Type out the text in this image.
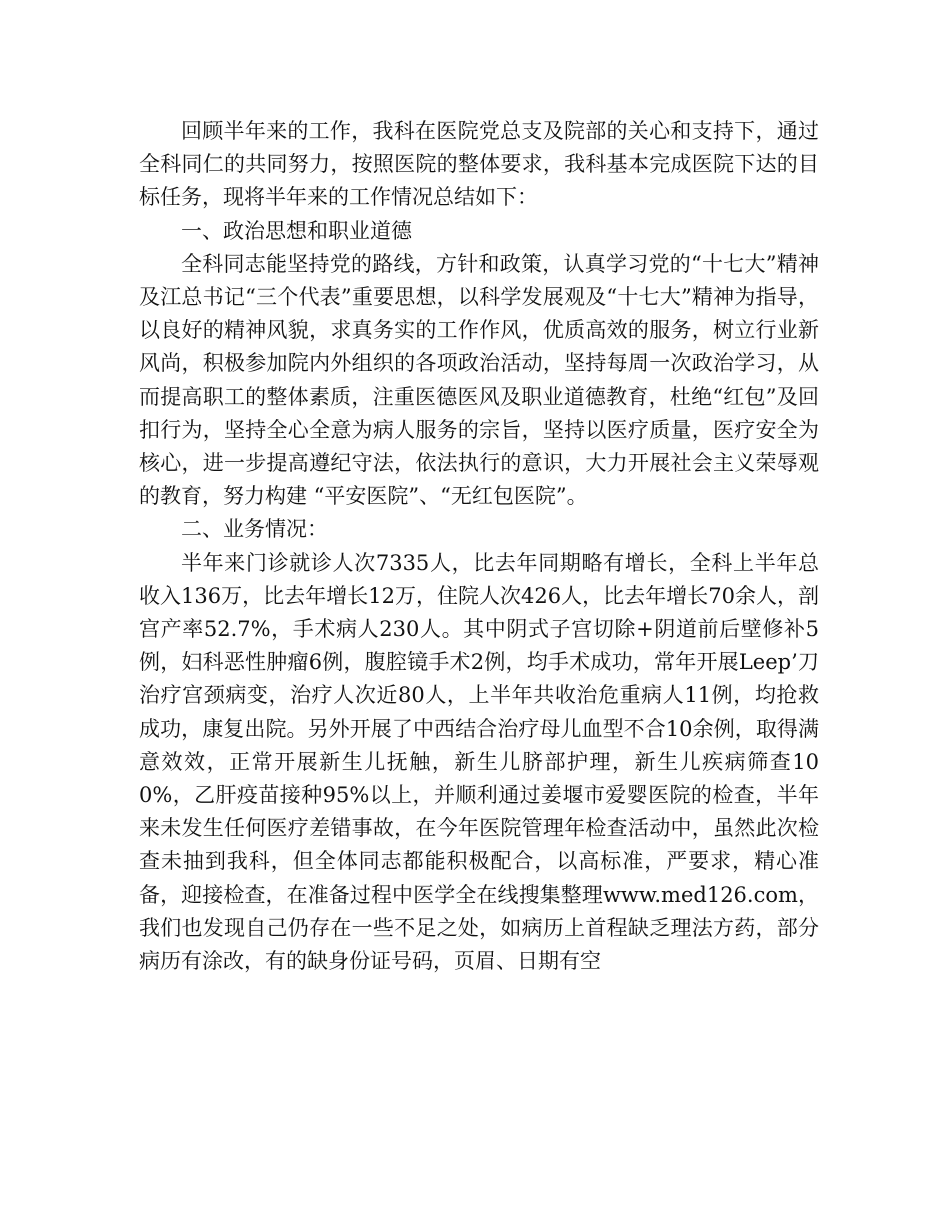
回顾半年来的工作，我科在医院党总支及院部的关心和支持下，通过全科同仁的共同努力，按照医院的整体要求，我科基本完成医院下达的目标任务，现将半年来的工作情况总结如下：

一、政治思想和职业道德

全科同志能坚持党的路线，方针和政策，认真学习党的“十七大”精神及江总书记“三个代表”重要思想，以科学发展观及“十七大”精神为指导，以良好的精神风貌，求真务实的工作作风，优质高效的服务，树立行业新风尚，积极参加院内外组织的各项政治活动，坚持每周一次政治学习，从而提高职工的整体素质，注重医德医风及职业道德教育，杜绝“红包”及回扣行为，坚持全心全意为病人服务的宗旨，坚持以医疗质量，医疗安全为核心，进一步提高遵纪守法，依法执行的意识，大力开展社会主义荣辱观的教育，努力构建 “平安医院”、“无红包医院”。

二、业务情况：

半年来门诊就诊人次7335人，比去年同期略有增长，全科上半年总收入136万，比去年增长12万，住院人次426人，比去年增长70余人，剖宫产率52.7%，手术病人230人。其中阴式子宫切除+阴道前后壁修补5例，妇科恶性肿瘤6例，腹腔镜手术2例，均手术成功，常年开展Leep’刀治疗宫颈病变，治疗人次近80人，上半年共收治危重病人11例，均抢救成功，康复出院。另外开展了中西结合治疗母儿血型不合10余例，取得满意效效，正常开展新生儿抚触，新生儿脐部护理，新生儿疾病筛查100%，乙肝疫苗接种95%以上，并顺利通过姜堰市爱婴医院的检查，半年来未发生任何医疗差错事故，在今年医院管理年检查活动中，虽然此次检查未抽到我科，但全体同志都能积极配合，以高标准，严要求，精心准备，迎接检查，在准备过程中医学全在线搜集整理www.med126.com，我们也发现自己仍存在一些不足之处，如病历上首程缺乏理法方药，部分病历有涂改，有的缺身份证号码，页眉、日期有空
